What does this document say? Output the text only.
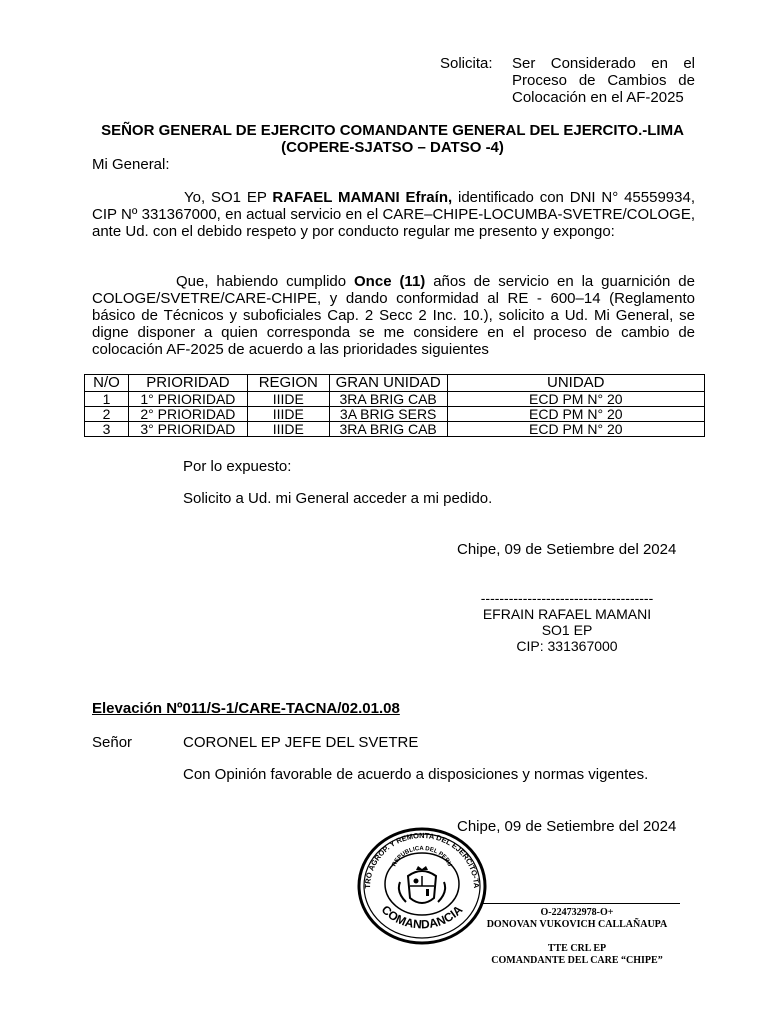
Solicita: Ser Considerado en el Proceso de Cambios de Colocación en el AF-2025
SEÑOR GENERAL DE EJERCITO COMANDANTE GENERAL DEL EJERCITO.-LIMA
(COPERE-SJATSO – DATSO -4)
Mi General:
Yo, SO1 EP RAFAEL MAMANI Efraín, identificado con DNI N° 45559934, CIP Nº 331367000, en actual servicio en el CARE–CHIPE-LOCUMBA-SVETRE/COLOGE, ante Ud. con el debido respeto y por conducto regular me presento y expongo:
Que, habiendo cumplido Once (11) años de servicio en la guarnición de COLOGE/SVETRE/CARE-CHIPE, y dando conformidad al RE - 600–14 (Reglamento básico de Técnicos y suboficiales Cap. 2 Secc 2 Inc. 10.), solicito a Ud. Mi General, se digne disponer a quien corresponda se me considere en el proceso de cambio de colocación AF-2025 de acuerdo a las prioridades siguientes
N/O	PRIORIDAD	REGION	GRAN UNIDAD	UNIDAD
1	1° PRIORIDAD	IIIDE	3RA BRIG CAB	ECD PM N° 20
2	2° PRIORIDAD	IIIDE	3A BRIG SERS	ECD PM N° 20
3	3° PRIORIDAD	IIIDE	3RA BRIG CAB	ECD PM N° 20
Por lo expuesto:
Solicito a Ud. mi General acceder a mi pedido.
Chipe, 09 de Setiembre del 2024
-------------------------------------
EFRAIN RAFAEL MAMANI
SO1 EP
CIP: 331367000
Elevación Nº011/S-1/CARE-TACNA/02.01.08
Señor	CORONEL EP JEFE DEL SVETRE
Con Opinión favorable de acuerdo a disposiciones y normas vigentes.
Chipe, 09 de Setiembre del 2024
TRO AGROP. Y REMONTA DEL EJERCITO-TA
REPUBLICA DEL PERU
COMANDANCIA	O-224732978-O+
DONOVAN VUKOVICH CALLAÑAUPA
TTE CRL EP
COMANDANTE DEL CARE “CHIPE”
